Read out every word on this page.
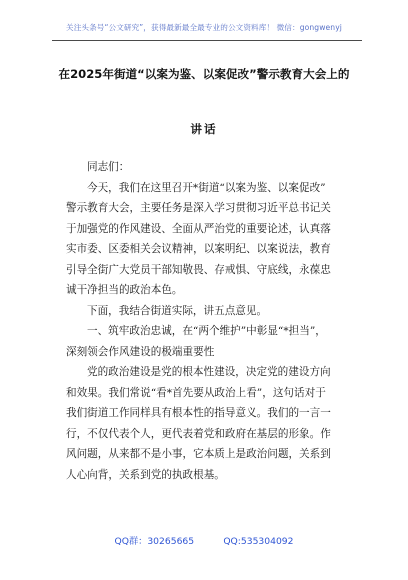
关注头条号“公文研究”，获得最新最全最专业的公文资料库！ 微信：gongwenyj
在2025年街道“以案为鉴、以案促改”警示教育大会上的
讲话
同志们：
今天，我们在这里召开*街道“以案为鉴、以案促改”
警示教育大会，主要任务是深入学习贯彻习近平总书记关
于加强党的作风建设、全面从严治党的重要论述，认真落
实市委、区委相关会议精神，以案明纪、以案说法，教育
引导全街广大党员干部知敬畏、存戒惧、守底线，永葆忠
诚干净担当的政治本色。
下面，我结合街道实际，讲五点意见。
一、筑牢政治忠诚，在“两个维护”中彰显“*担当”，
深刻领会作风建设的极端重要性
党的政治建设是党的根本性建设，决定党的建设方向
和效果。我们常说“看*首先要从政治上看”，这句话对于
我们街道工作同样具有根本性的指导意义。我们的一言一
行，不仅代表个人，更代表着党和政府在基层的形象。作
风问题，从来都不是小事，它本质上是政治问题，关系到
人心向背，关系到党的执政根基。
QQ群：30265665	QQ:535304092
